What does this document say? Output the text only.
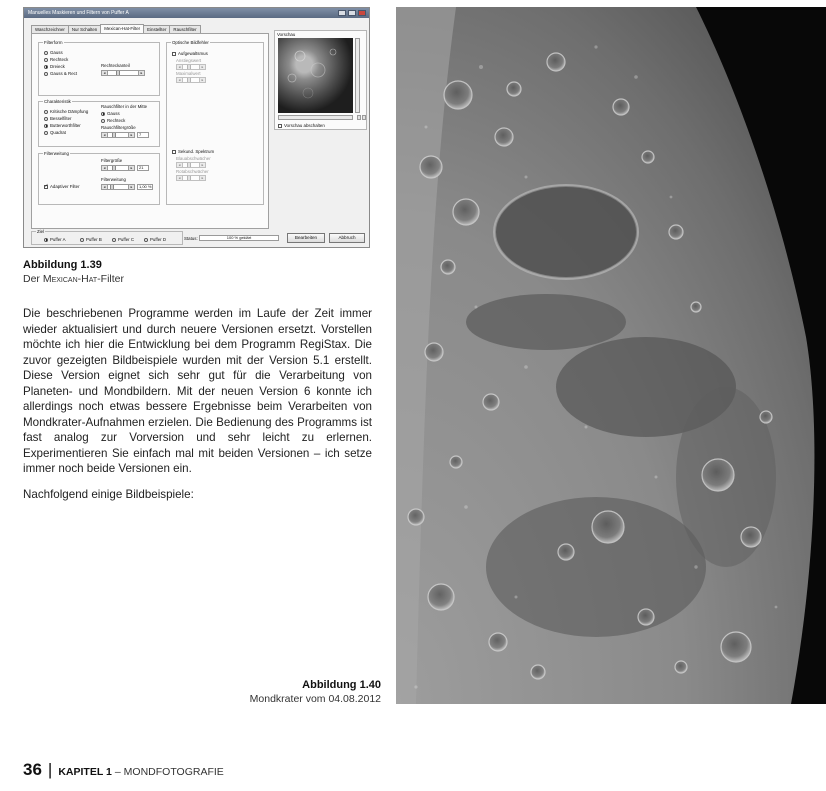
Manuelles Maskieren und Filtern von Puffer A
Waschzeichner	Nur Schalten	Mexican-Hat-Filter	Einstellter	Rauschfilter
Filterform
Gauss
Rechteck
Dreieck
Gauss & Rect
Rechteckanteil
◂	▸
Charakteristik
Kritische Dämpfung
Besselfilter
Butterworthfilter
Quadrat
Rauschfilter in der Mitte
Gauss
Rechteck
Rauschfiltergröße
◂	▸	7
Filterweitung
Filtergröße
◂	▸	21
Filterweitung
◂	▸	1,00 %
✓
Adaptiver Filter
Optische Bildfehler
Aufgewaltsmus
Anstiegswert
◂	▸
Maximalwert
◂	▸
Sekund. Spektrum
Blauabschwächer
◂	▸
Rotabschwächer
◂	▸
Vorschau
Vorschau abschalten
Ziel
Puffer A	Puffer B	Puffer C	Puffer D	Status:	100 % geklärt	Bearbeiten	Abbruch
Abbildung 1.39
Der Mexican-Hat-Filter

Die beschriebenen Programme werden im Laufe der Zeit immer wieder aktualisiert und durch neuere Versionen ersetzt. Vorstellen möchte ich hier die Entwicklung bei dem Programm RegiStax. Die zuvor gezeigten Bildbeispiele wurden mit der Version 5.1 erstellt. Diese Version eignet sich sehr gut für die Verarbeitung von Planeten- und Mondbildern. Mit der neuen Version 6 konnte ich allerdings noch etwas bessere Ergebnisse beim Verarbeiten von Mondkrater-Aufnahmen erzielen. Die Bedienung des Programms ist fast analog zur Vorversion und sehr leicht zu erlernen. Experimentieren Sie einfach mal mit beiden Versionen – ich setze immer noch beide Versionen ein.

Nachfolgend einige Bildbeispiele:

Abbildung 1.40
Mondkrater vom 04.08.2012
36 | KAPITEL 1 – MONDFOTOGRAFIE
